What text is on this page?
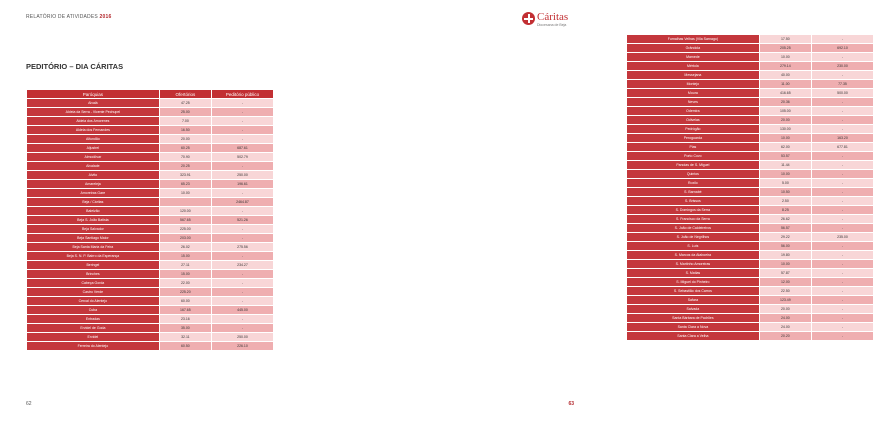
RELATÓRIO DE ATIVIDADES 2016
PEDITÓRIO – DIA CÁRITAS
Paróquias	Ofertórios	Peditório público
Alvalá	47.25	-
Aldeia da Serra - Vicente Pechupel	25.00	-
Aldeia dos Amorenes	7.00	-
Aldeia dos Fernandes	16.50	-
Alfundão	20.00	-
Aljustrel	60.25	687.61
Almodôvar	70.90	502.79
Alvalade	20.25	-
Alvito	323.91	250.00
Amareleja	65.23	196.61
Amoreiras Gare	10.00	-
Beja / Cáritas		2464.87
Baleizão	120.00	-
Beja S. João Batista	567.65	521.26
Beja Salvador	225.00	-
Beja Santiago Maior	203.00	-
Beja Santa Maria da Feira	26.02	275.56
Beja S. N. P. Bairro da Esperança	15.00	-
Beringel	27.11	234.27
Brinches	15.00	-
Cabeça Gorda	22.00	-
Castro Verde	225.20	-
Cercal do Alentejo	60.00	-
Cuba	167.65	445.00
Entradas	23.16	-
Ervidel de Goda	35.00	-
Ervidel	32.11	250.00
Ferreira do Alentejo	60.50	226.10
62
Cáritas
Diocesana de Beja
Furnalhas Velhas (Vila Sarnago)	17.50	-
Grândola	205.25	692.10
Mamede	10.00	-
Mértola	279.14	230.00
Messejana	40.00	-
Montejo	11.00	77.35
Moura	416.65	500.00
Neves	20.36	-
Odemira	105.00	-
Odivelas	20.00	-
Pedrógão	130.00	-
Peroguarda	10.00	163.20
Pias	62.00	677.81
Porto Covo	53.57	-
Panoias de S. Miguel	11.44	-
Quintos	10.00	-
Roxilo	5.00	-
S. Barnabé	10.50	-
S. Brissos	2.50	-
S. Domingos da Serra	8.25	-
S. Francisco da Serra	26.62	-
S. João de Caldeireiros	56.57	-
S. João de Negrilhos	29.22	235.00
S. Luís	56.00	-
S. Marcos da Ataboeira	19.80	-
S. Martinho Amoreiras	10.00	-
S. Matias	57.87	-
S. Miguel do Pinheiro	12.00	-
S. Sebastião dos Carros	22.50	-
Safara	123.49	-
Salvada	20.00	-
Santa Bárbara de Padrões	24.00	-
Santa Clara a Nova	24.00	-
Santa Clara a Velha	20.20	-
63
